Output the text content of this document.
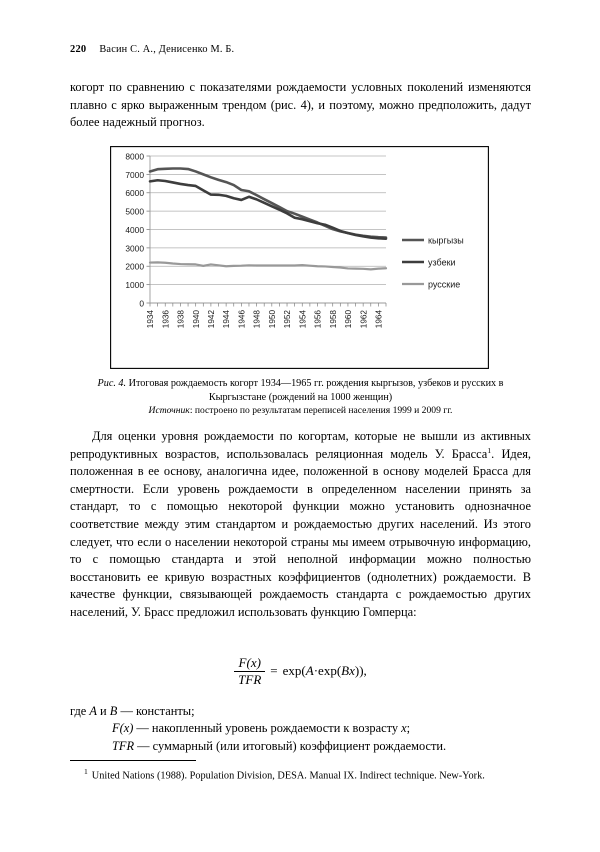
220 Васин С. А., Денисенко М. Б.
когорт по сравнению с показателями рождаемости условных поколений изменяются плавно с ярко выраженным трендом (рис. 4), и поэтому, можно предположить, дадут более надежный прогноз.
0
1000
2000
3000
4000
5000
6000
7000
8000
1934 1936 1938 1940 1942 1944 1946 1948 1950 1952 1954 1956 1958 1960 1962 1964
кыргызы
узбеки
русские
Рис. 4. Итоговая рождаемость когорт 1934—1965 гг. рождения кыргызов, узбеков и русских в Кыргызстане (рождений на 1000 женщин)
Источник: построено по результатам переписей населения 1999 и 2009 гг.
Для оценки уровня рождаемости по когортам, которые не вышли из активных репродуктивных возрастов, использовалась реляционная модель У. Брасса$^1$. Идея, положенная в ее основу, аналогична идее, положенной в основу моделей Брасса для смертности. Если уровень рождаемости в определенном населении принять за стандарт, то с помощью некоторой функции можно установить однозначное соответствие между этим стандартом и рождаемостью других населений. Из этого следует, что если о населении некоторой страны мы имеем отрывочную информацию, то с помощью стандарта и этой неполной информации можно полностью восстановить ее кривую возрастных коэффициентов (однолетних) рождаемости. В качестве функции, связывающей рождаемость стандарта с рождаемостью других населений, У. Брасс предложил использовать функцию Гомперца:
$\frac{F(x)}{\text{TFR}} = \exp(A\cdot\exp(Bx))$,
где A и B — константы;
F(x) — накопленный уровень рождаемости к возрасту x;
TFR — суммарный (или итоговый) коэффициент рождаемости.
$^1$ United Nations (1988). Population Division, DESA. Manual IX. Indirect technique. New-York.
